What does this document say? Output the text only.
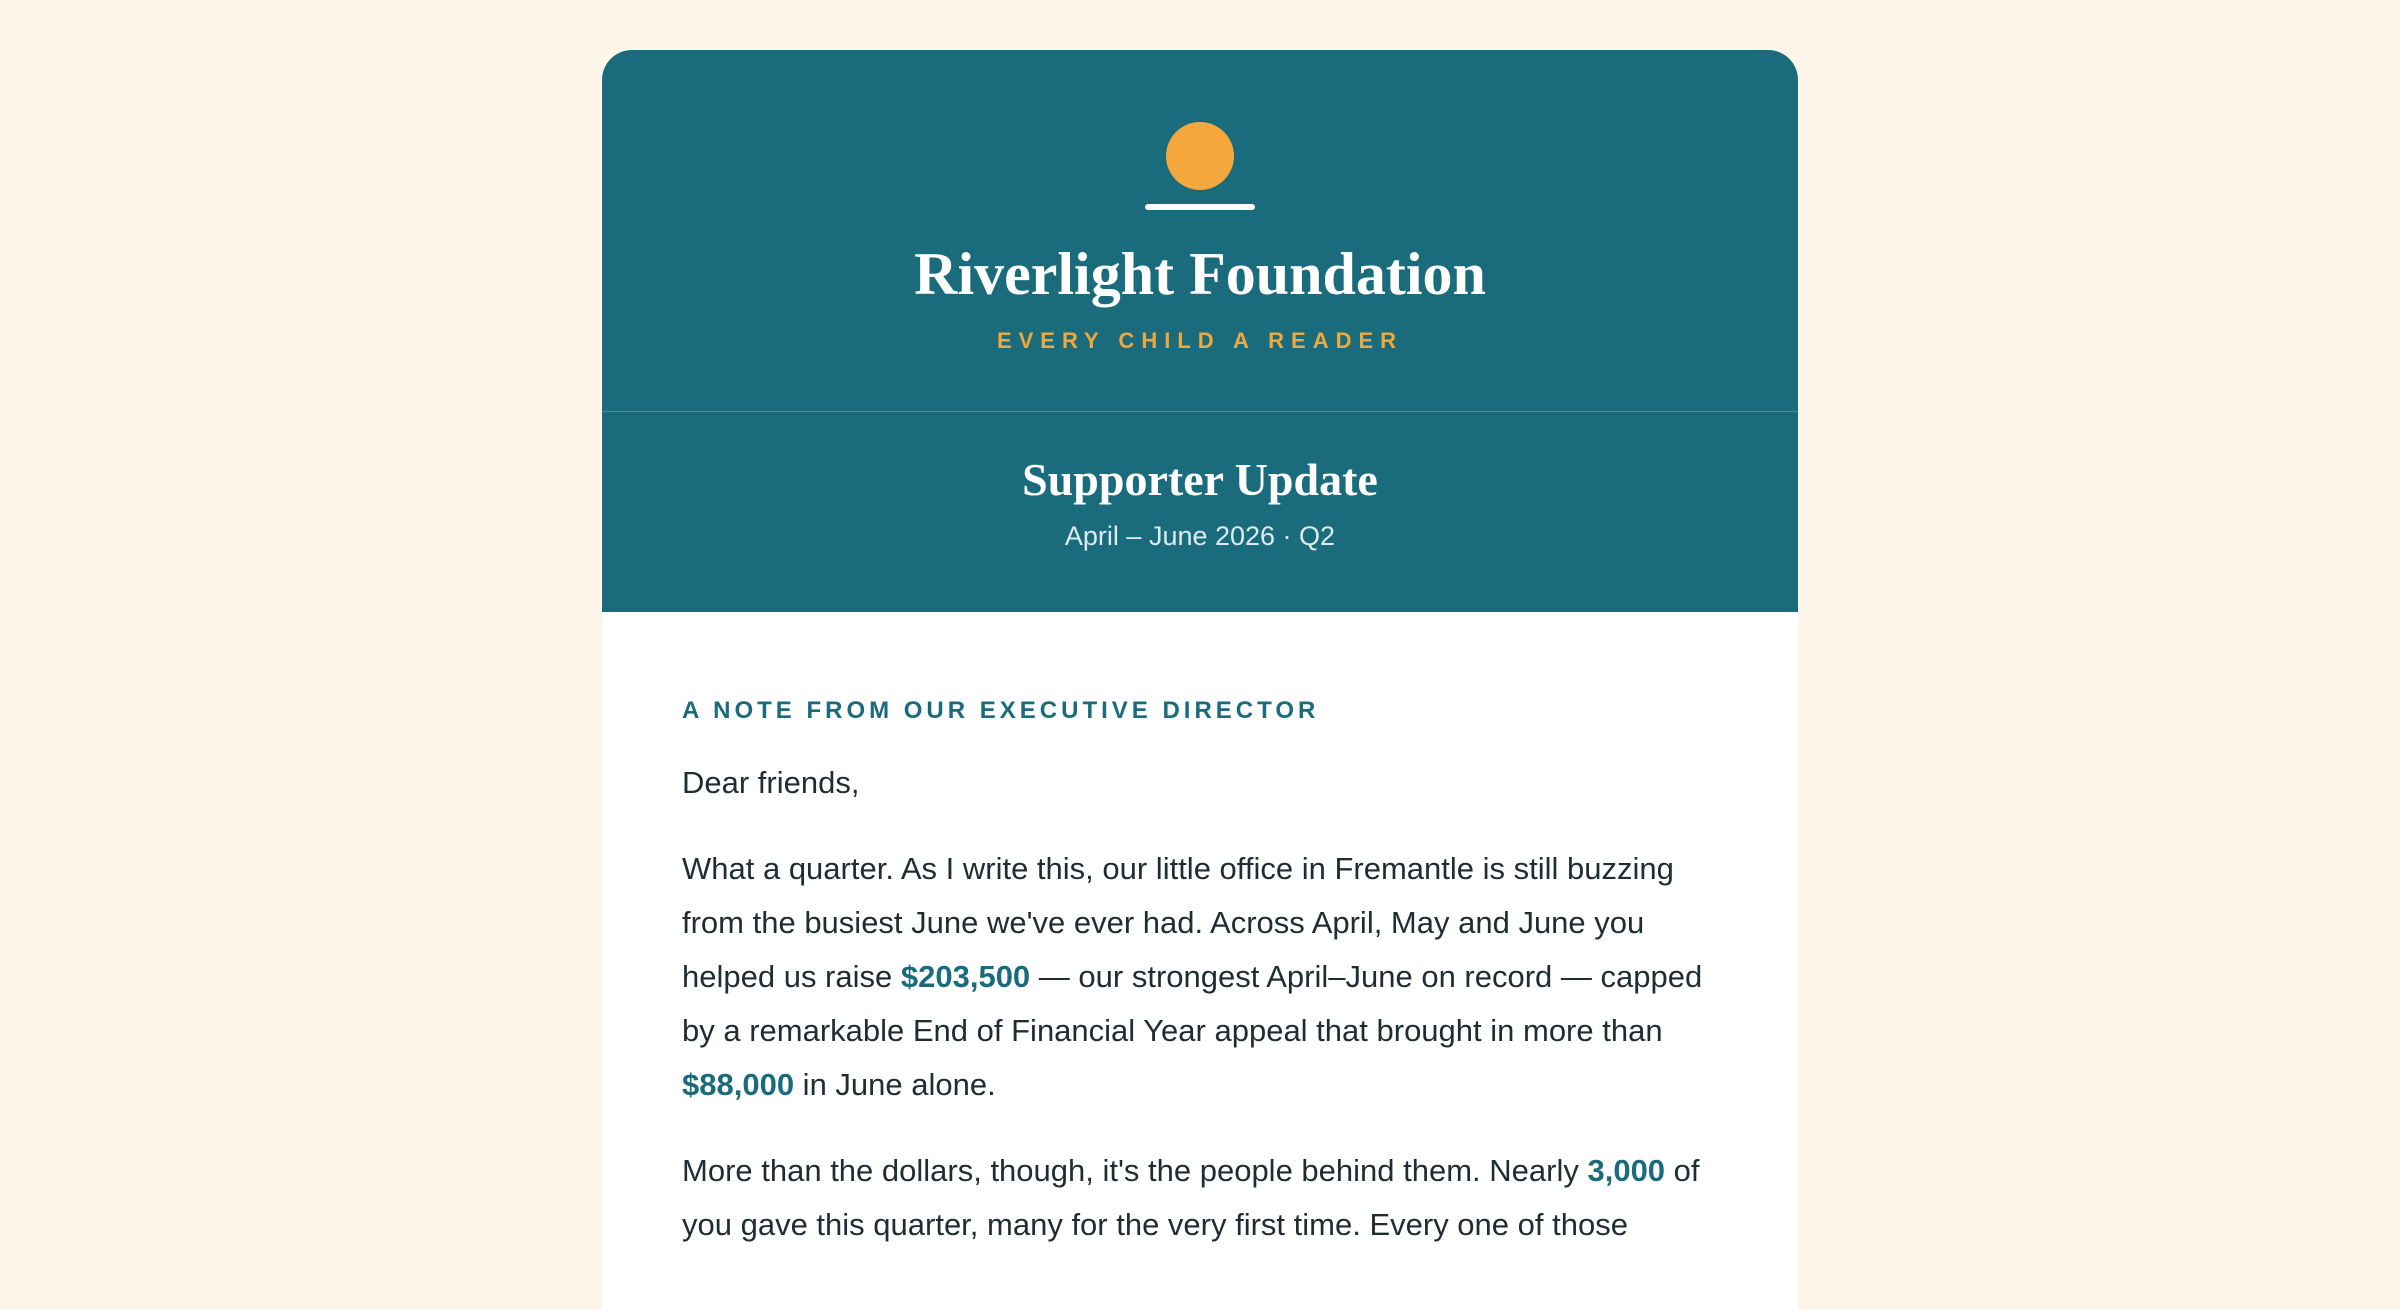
Riverlight Foundation
EVERY CHILD A READER
Supporter Update
April – June 2026 · Q2
A NOTE FROM OUR EXECUTIVE DIRECTOR

Dear friends,

What a quarter. As I write this, our little office in Fremantle is still buzzing from the busiest June we've ever had. Across April, May and June you helped us raise $203,500 — our strongest April–June on record — capped by a remarkable End of Financial Year appeal that brought in more than $88,000 in June alone.

More than the dollars, though, it's the people behind them. Nearly 3,000 of you gave this quarter, many for the very first time. Every one of those
